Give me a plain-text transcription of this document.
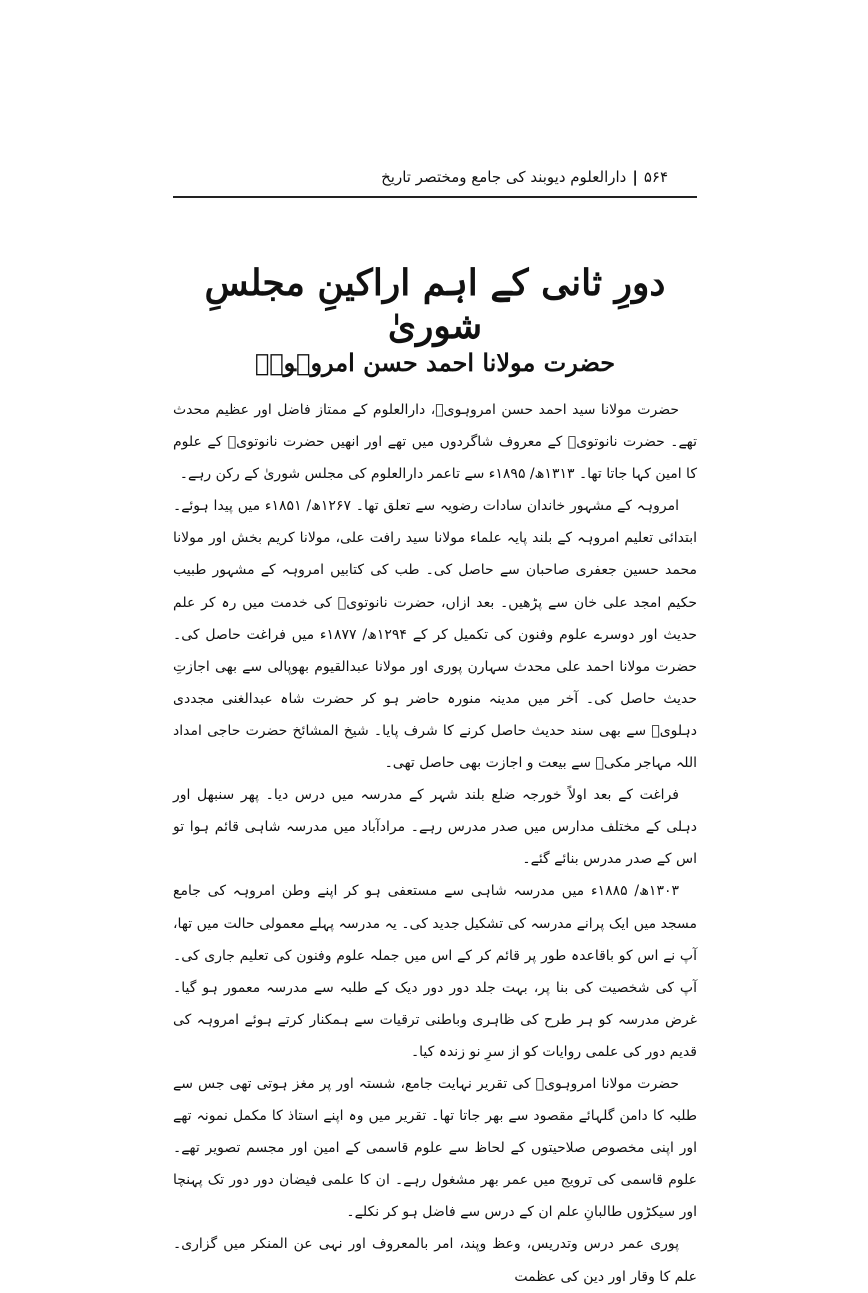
۵۶۴|دارالعلوم دیوبند کی جامع ومختصر تاریخ
دورِ ثانی کے اہم اراکینِ مجلسِ شوریٰ
حضرت مولانا احمد حسن امروہویؒ

حضرت مولانا سید احمد حسن امروہویؒ، دارالعلوم کے ممتاز فاضل اور عظیم محدث تھے۔ حضرت نانوتویؒ کے معروف شاگردوں میں تھے اور انھیں حضرت نانوتویؒ کے علوم کا امین کہا جاتا تھا۔ ۱۳۱۳ھ/ ۱۸۹۵ء سے تاعمر دارالعلوم کی مجلس شوریٰ کے رکن رہے۔

امروہہ کے مشہور خاندان سادات رضویہ سے تعلق تھا۔ ۱۲۶۷ھ/ ۱۸۵۱ء میں پیدا ہوئے۔ ابتدائی تعلیم امروہہ کے بلند پایہ علماء مولانا سید رافت علی، مولانا کریم بخش اور مولانا محمد حسین جعفری صاحبان سے حاصل کی۔ طب کی کتابیں امروہہ کے مشہور طبیب حکیم امجد علی خان سے پڑھیں۔ بعد ازاں، حضرت نانوتویؒ کی خدمت میں رہ کر علم حدیث اور دوسرے علوم وفنون کی تکمیل کر کے ۱۲۹۴ھ/ ۱۸۷۷ء میں فراغت حاصل کی۔ حضرت مولانا احمد علی محدث سہارن پوری اور مولانا عبدالقیوم بھوپالی سے بھی اجازتِ حدیث حاصل کی۔ آخر میں مدینہ منورہ حاضر ہو کر حضرت شاہ عبدالغنی مجددی دہلویؒ سے بھی سند حدیث حاصل کرنے کا شرف پایا۔ شیخ المشائخ حضرت حاجی امداد اللہ مہاجر مکیؒ سے بیعت و اجازت بھی حاصل تھی۔

فراغت کے بعد اولاً خورجہ ضلع بلند شہر کے مدرسہ میں درس دیا۔ پھر سنبھل اور دہلی کے مختلف مدارس میں صدر مدرس رہے۔ مرادآباد میں مدرسہ شاہی قائم ہوا تو اس کے صدر مدرس بنائے گئے۔

۱۳۰۳ھ/ ۱۸۸۵ء میں مدرسہ شاہی سے مستعفی ہو کر اپنے وطن امروہہ کی جامع مسجد میں ایک پرانے مدرسہ کی تشکیل جدید کی۔ یہ مدرسہ پہلے معمولی حالت میں تھا، آپ نے اس کو باقاعدہ طور پر قائم کر کے اس میں جملہ علوم وفنون کی تعلیم جاری کی۔ آپ کی شخصیت کی بنا پر، بہت جلد دور دور دیک کے طلبہ سے مدرسہ معمور ہو گیا۔ غرض مدرسہ کو ہر طرح کی ظاہری وباطنی ترقیات سے ہمکنار کرتے ہوئے امروہہ کی قدیم دور کی علمی روایات کو از سرِ نو زندہ کیا۔

حضرت مولانا امروہویؒ کی تقریر نہایت جامع، شستہ اور پر مغز ہوتی تھی جس سے طلبہ کا دامن گلہائے مقصود سے بھر جاتا تھا۔ تقریر میں وہ اپنے استاذ کا مکمل نمونہ تھے اور اپنی مخصوص صلاحیتوں کے لحاظ سے علوم قاسمی کے امین اور مجسم تصویر تھے۔ علوم قاسمی کی ترویج میں عمر بھر مشغول رہے۔ ان کا علمی فیضان دور دور تک پہنچا اور سیکڑوں طالبانِ علم ان کے درس سے فاضل ہو کر نکلے۔

پوری عمر درس وتدریس، وعظ وپند، امر بالمعروف اور نہی عن المنکر میں گزاری۔ علم کا وقار اور دین کی عظمت
